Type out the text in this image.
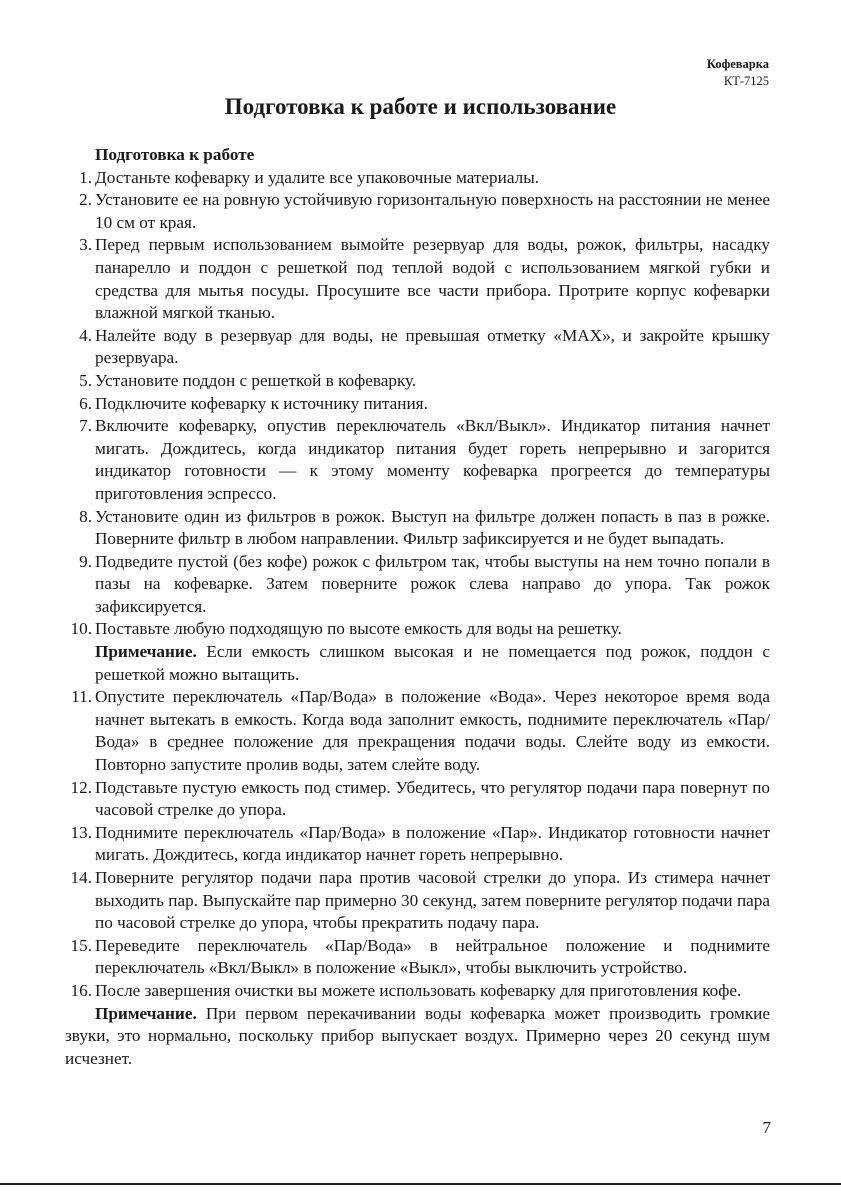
Кофеварка
КТ-7125
Подготовка к работе и использование

Подготовка к работе

1. Достаньте кофеварку и удалите все упаковочные материалы.
2. Установите ее на ровную устойчивую горизонтальную поверхность на расстоянии не менее 10 см от края.
3. Перед первым использованием вымойте резервуар для воды, рожок, фильтры, насадку панарелло и поддон с решеткой под теплой водой с использованием мягкой губки и средства для мытья посуды. Просушите все части прибора. Протрите корпус кофеварки влажной мягкой тканью.
4. Налейте воду в резервуар для воды, не превышая отметку «MAX», и закройте крышку резервуара.
5. Установите поддон с решеткой в кофеварку.
6. Подключите кофеварку к источнику питания.
7. Включите кофеварку, опустив переключатель «Вкл/Выкл». Индикатор питания начнет мигать. Дождитесь, когда индикатор питания будет гореть непрерывно и загорится индикатор готовности — к этому моменту кофеварка прогреется до температуры приготовления эспрессо.
8. Установите один из фильтров в рожок. Выступ на фильтре должен попасть в паз в рожке. Поверните фильтр в любом направлении. Фильтр зафиксируется и не будет выпадать.
9. Подведите пустой (без кофе) рожок с фильтром так, чтобы выступы на нем точно попали в пазы на кофеварке. Затем поверните рожок слева направо до упора. Так рожок зафиксируется.
10. Поставьте любую подходящую по высоте емкость для воды на решетку.
Примечание. Если емкость слишком высокая и не помещается под рожок, поддон с решеткой можно вытащить.
11. Опустите переключатель «Пар/Вода» в положение «Вода». Через некоторое время вода начнет вытекать в емкость. Когда вода заполнит емкость, поднимите переключатель «Пар/Вода» в среднее положение для прекращения подачи воды. Слейте воду из емкости. Повторно запустите пролив воды, затем слейте воду.
12. Подставьте пустую емкость под стимер. Убедитесь, что регулятор подачи пара повернут по часовой стрелке до упора.
13. Поднимите переключатель «Пар/Вода» в положение «Пар». Индикатор готовности начнет мигать. Дождитесь, когда индикатор начнет гореть непрерывно.
14. Поверните регулятор подачи пара против часовой стрелки до упора. Из стимера начнет выходить пар. Выпускайте пар примерно 30 секунд, затем поверните регулятор подачи пара по часовой стрелке до упора, чтобы прекратить подачу пара.
15. Переведите переключатель «Пар/Вода» в нейтральное положение и поднимите переключатель «Вкл/Выкл» в положение «Выкл», чтобы выключить устройство.
16. После завершения очистки вы можете использовать кофеварку для приготовления кофе.

Примечание. При первом перекачивании воды кофеварка может производить громкие звуки, это нормально, поскольку прибор выпускает воздух. Примерно через 20 секунд шум исчезнет.

7
